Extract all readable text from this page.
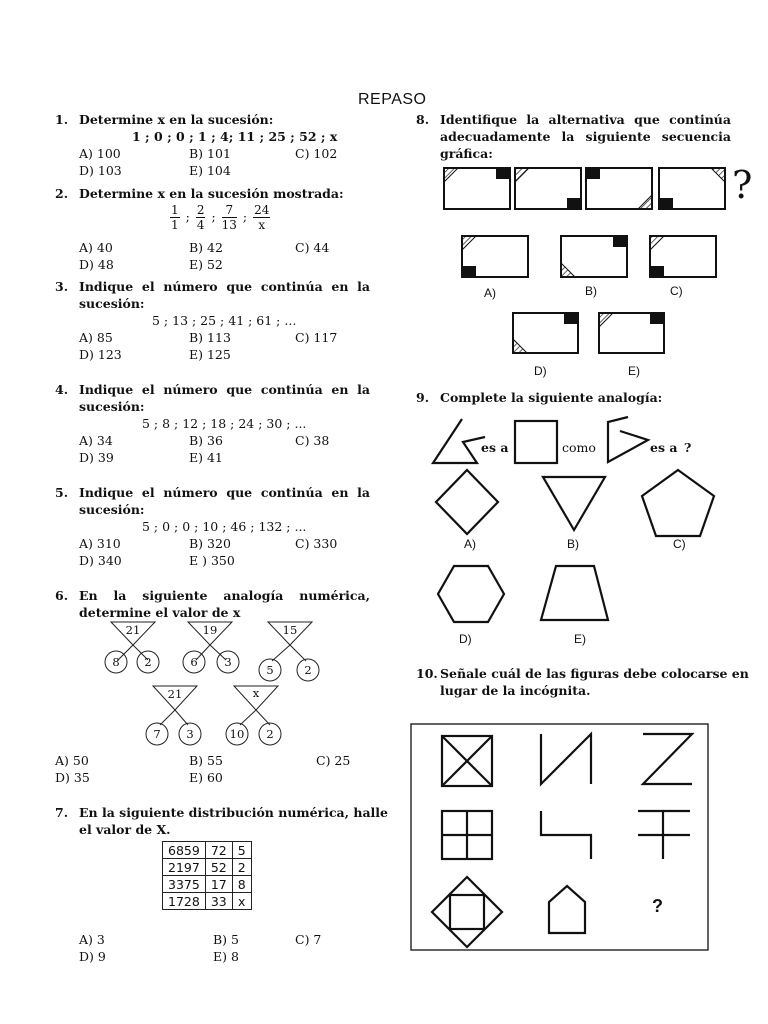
REPASO
1. Determine x en la sucesión:
1 ; 0 ; 0 ; 1 ; 4; 11 ; 25 ; 52 ; x
A) 100	B) 101	C) 102
D) 103	E) 104
2. Determine x en la sucesión mostrada:
$\frac{1}{1}$ ; $\frac{2}{4}$ ; $\frac{7}{13}$ ; $\frac{24}{x}$
A) 40	B) 42	C) 44
D) 48	E) 52
3. Indique el número que continúa en la
sucesión:
5 ; 13 ; 25 ; 41 ; 61 ; ...
A) 85	B) 113	C) 117
D) 123	E) 125
4. Indique el número que continúa en la
sucesión:
5 ; 8 ; 12 ; 18 ; 24 ; 30 ; ...
A) 34	B) 36	C) 38
D) 39	E) 41
5. Indique el número que continúa en la
sucesión:
5 ; 0 ; 0 ; 10 ; 46 ; 132 ; ...
A) 310	B) 320	C) 330
D) 340	E ) 350
6. En la siguiente analogía numérica,
determine el valor de x
21
8 2
19
6 3
15
5	2
21
7 3
x
10 2
A) 50	B) 55	C) 25
D) 35	E) 60
7. En la siguiente distribución numérica, halle
el valor de X.
6859	72	5
2197	52	2
3375	17	8
1728	33	x
A) 3	B) 5	C) 7
D) 9	E) 8
8. Identifique la alternativa que continúa
adecuadamente la siguiente secuencia
gráfica:
?
A)	B)	C)
D)	E)
9. Complete la siguiente analogía:
es a	como	es a ?
A)	B)	C)
D)	E)
10. Señale cuál de las figuras debe colocarse en
lugar de la incógnita.
?
